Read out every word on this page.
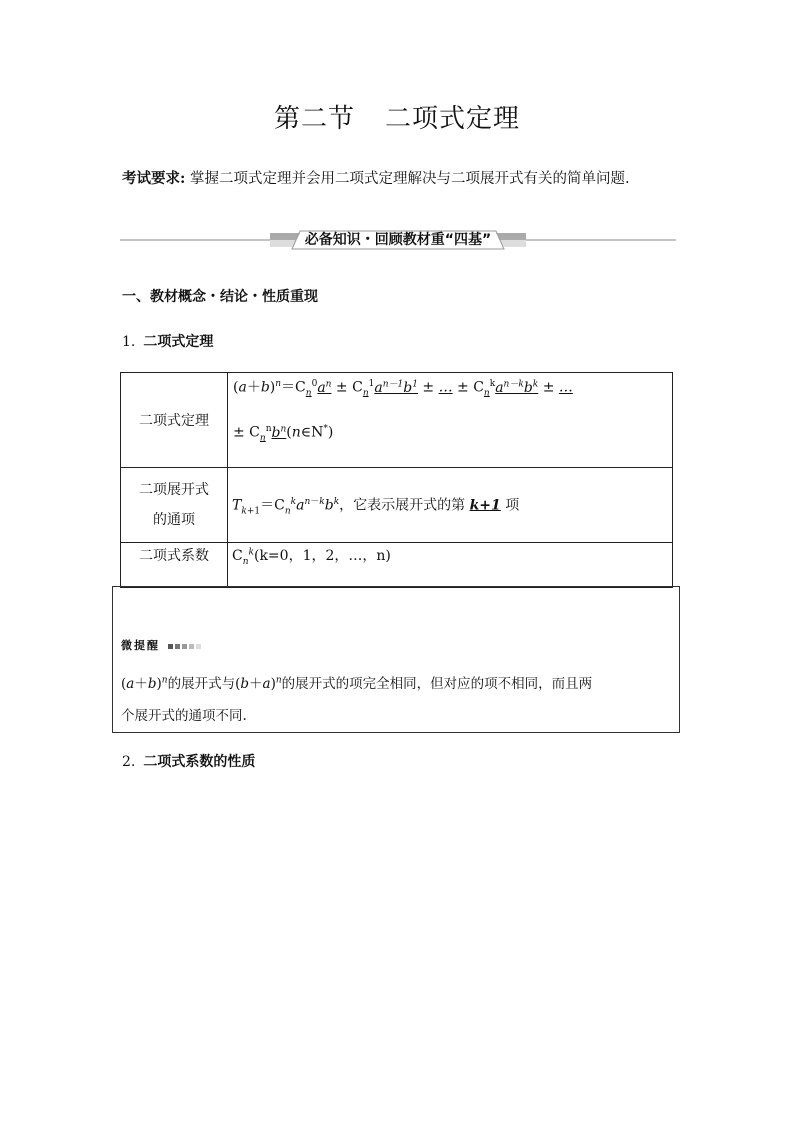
第二节 二项式定理
考试要求: 掌握二项式定理并会用二项式定理解决与二项展开式有关的简单问题.
必备知识・回顾教材重“四基”
一、教材概念・结论・性质重现
1. 二项式定理
二项式定理	$(a+b)^n=C_n^0a^n \pm C_n^1a^{n-1}b^1$ ± … ± $C_n^ka^{n-k}b^k$ ± …
± $C_n^nb^n(n\in N^*)$

二项展开式
的通项	$T_{k+1}=C_n^ka^{n-k}b^k$，它表示展开式的第 k+1 项
二项式系数	$C_n^k(k=0$，1，2，…，n)
微提醒
$(a+b)^n$的展开式与$(b+a)^n$的展开式的项完全相同，但对应的项不相同，而且两
个展开式的通项不同.
2. 二项式系数的性质
